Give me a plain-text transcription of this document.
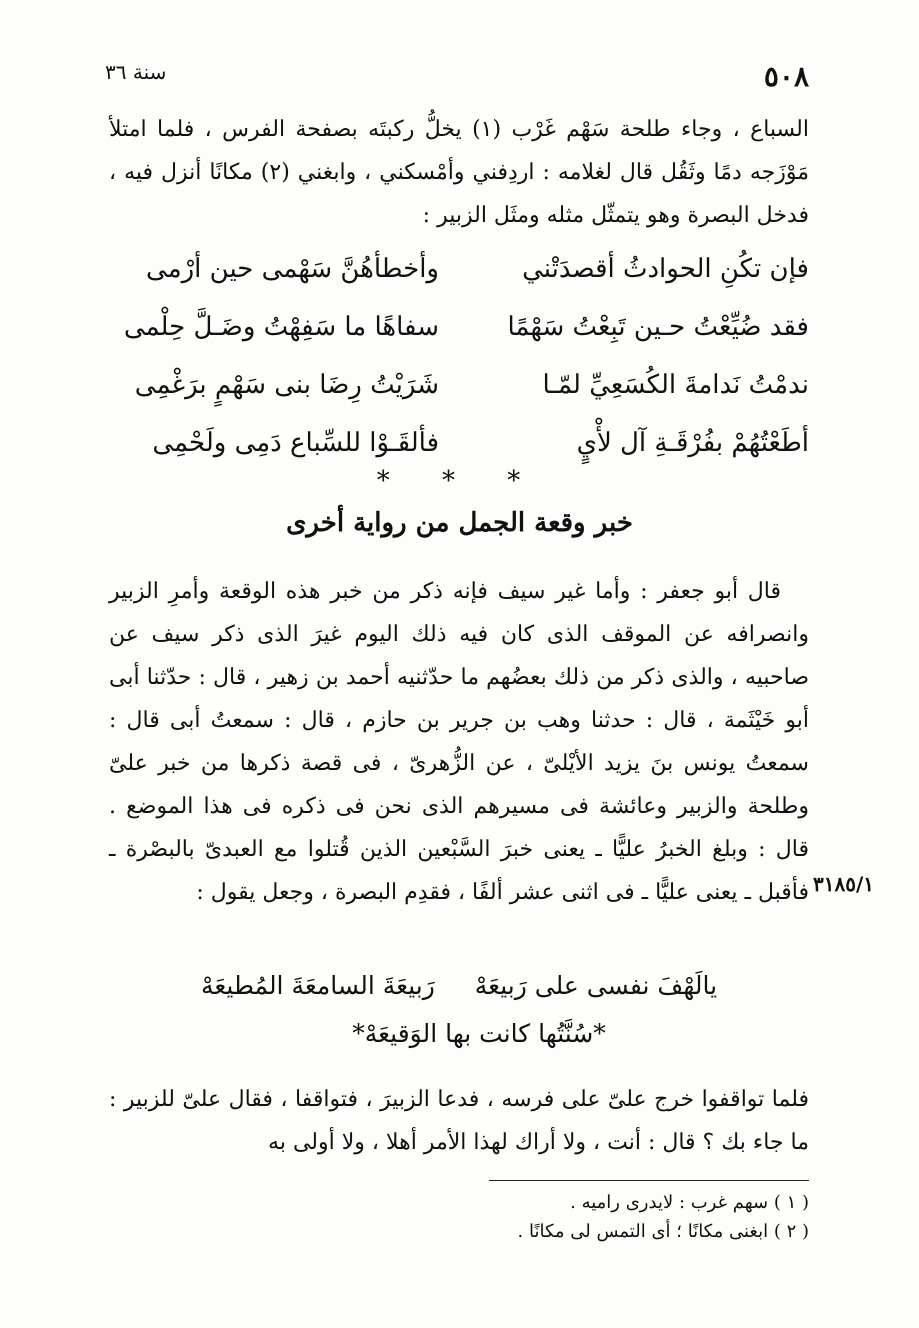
٥٠٨
سنة ٣٦

السباع ، وجاء طلحة سَهْم غَرْب (١) يخلُّ ركبتَه بصفحة الفرس ، فلما امتلأ مَوْزَجه دمًا وثَقُل قال لغلامه : اردِفني وأمْسكني ، وابغني (٢) مكانًا أنزل فيه ، فدخل البصرة وهو يتمثّل مثله ومثَل الزبير :

فإن تكُنِ الحوادثُ أقصدَتْني
وأخطأهُنَّ سَهْمى حين أرْمى
فقد ضُيِّعْتُ حـين تَبِعْتُ سَهْمًا
سفاهًا ما سَفِهْتُ وضَـلَّ حِلْمى
ندمْتُ نَدامةَ الكُسَعِيِّ لمّـا
شَرَيْتُ رِضَا بنى سَهْمٍ برَغْمِى
أطَعْتُهُمْ بفُرْقَـةِ آل لأْيٍ
فألقَـوْا للسِّباع دَمِى ولَحْمِى
* * *
خبر وقعة الجمل من رواية أخرى

قال أبو جعفر : وأما غير سيف فإنه ذكر من خبر هذه الوقعة وأمرِ الزبير وانصرافه عن الموقف الذى كان فيه ذلك اليوم غيرَ الذى ذكر سيف عن صاحبيه ، والذى ذكر من ذلك بعضُهم ما حدّثنيه أحمد بن زهير ، قال : حدّثنا أبى أبو خَيْثَمة ، قال : حدثنا وهب بن جرير بن حازم ، قال : سمعتُ أبى قال : سمعتُ يونس بنَ يزيد الأيْلىّ ، عن الزُّهرىّ ، فى قصة ذكرها من خبر علىّ وطلحة والزبير وعائشة فى مسيرهم الذى نحن فى ذكره فى هذا الموضع . قال : وبلغ الخبرُ عليًّا ـ يعنى خبرَ السَّبْعين الذين قُتلوا مع العبدىّ بالبصْرة ـ فأقبل ـ يعنى عليًّا ـ فى اثنى عشر ألفًا ، فقدِم البصرة ، وجعل يقول : ٣١٨٥/١
يالَهْفَ نفسى على رَبيعَهْ
رَبيعَةَ السامعَةَ المُطيعَهْ
*سُنَّتُها كانت بها الوَقيعَهْ*

فلما تواقفوا خرج علىّ على فرسه ، فدعا الزبيرَ ، فتواقفا ، فقال علىّ للزبير : ما جاء بك ؟ قال : أنت ، ولا أراك لهذا الأمر أهلا ، ولا أولى به

( ١ ) سهم غرب : لايدرى راميه .
( ٢ ) ابغنى مكانًا ؛ أى التمس لى مكانًا .
